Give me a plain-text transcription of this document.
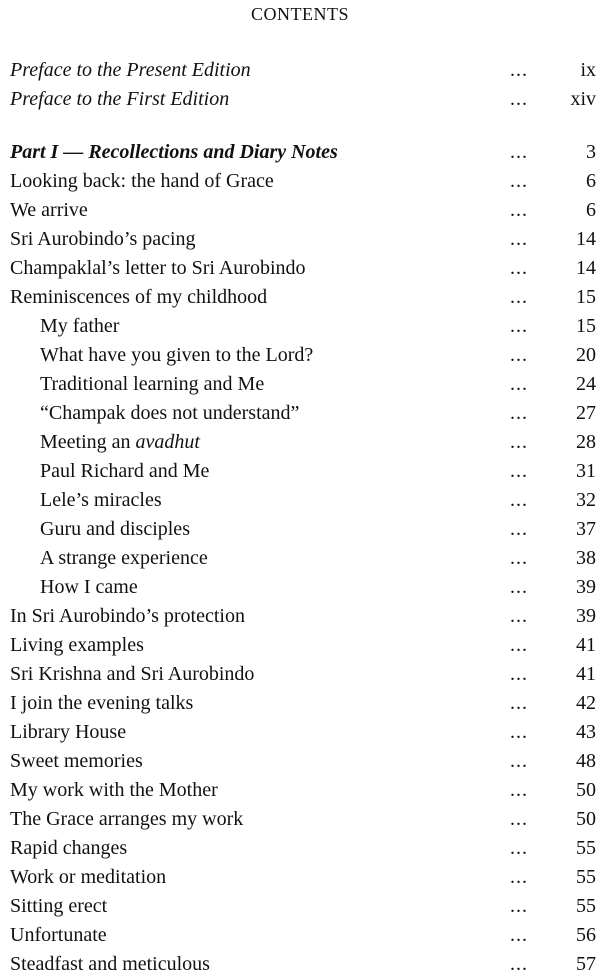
CONTENTS
Preface to the Present Edition	...	ix
Preface to the First Edition	...	xiv
Part I — Recollections and Diary Notes	...	3
Looking back: the hand of Grace	...	6
We arrive	...	6
Sri Aurobindo’s pacing	...	14
Champaklal’s letter to Sri Aurobindo	...	14
Reminiscences of my childhood	...	15
My father	...	15
What have you given to the Lord?	...	20
Traditional learning and Me	...	24
“Champak does not understand”	...	27
Meeting an avadhut	...	28
Paul Richard and Me	...	31
Lele’s miracles	...	32
Guru and disciples	...	37
A strange experience	...	38
How I came	...	39
In Sri Aurobindo’s protection	...	39
Living examples	...	41
Sri Krishna and Sri Aurobindo	...	41
I join the evening talks	...	42
Library House	...	43
Sweet memories	...	48
My work with the Mother	...	50
The Grace arranges my work	...	50
Rapid changes	...	55
Work or meditation	...	55
Sitting erect	...	55
Unfortunate	...	56
Steadfast and meticulous	...	57
